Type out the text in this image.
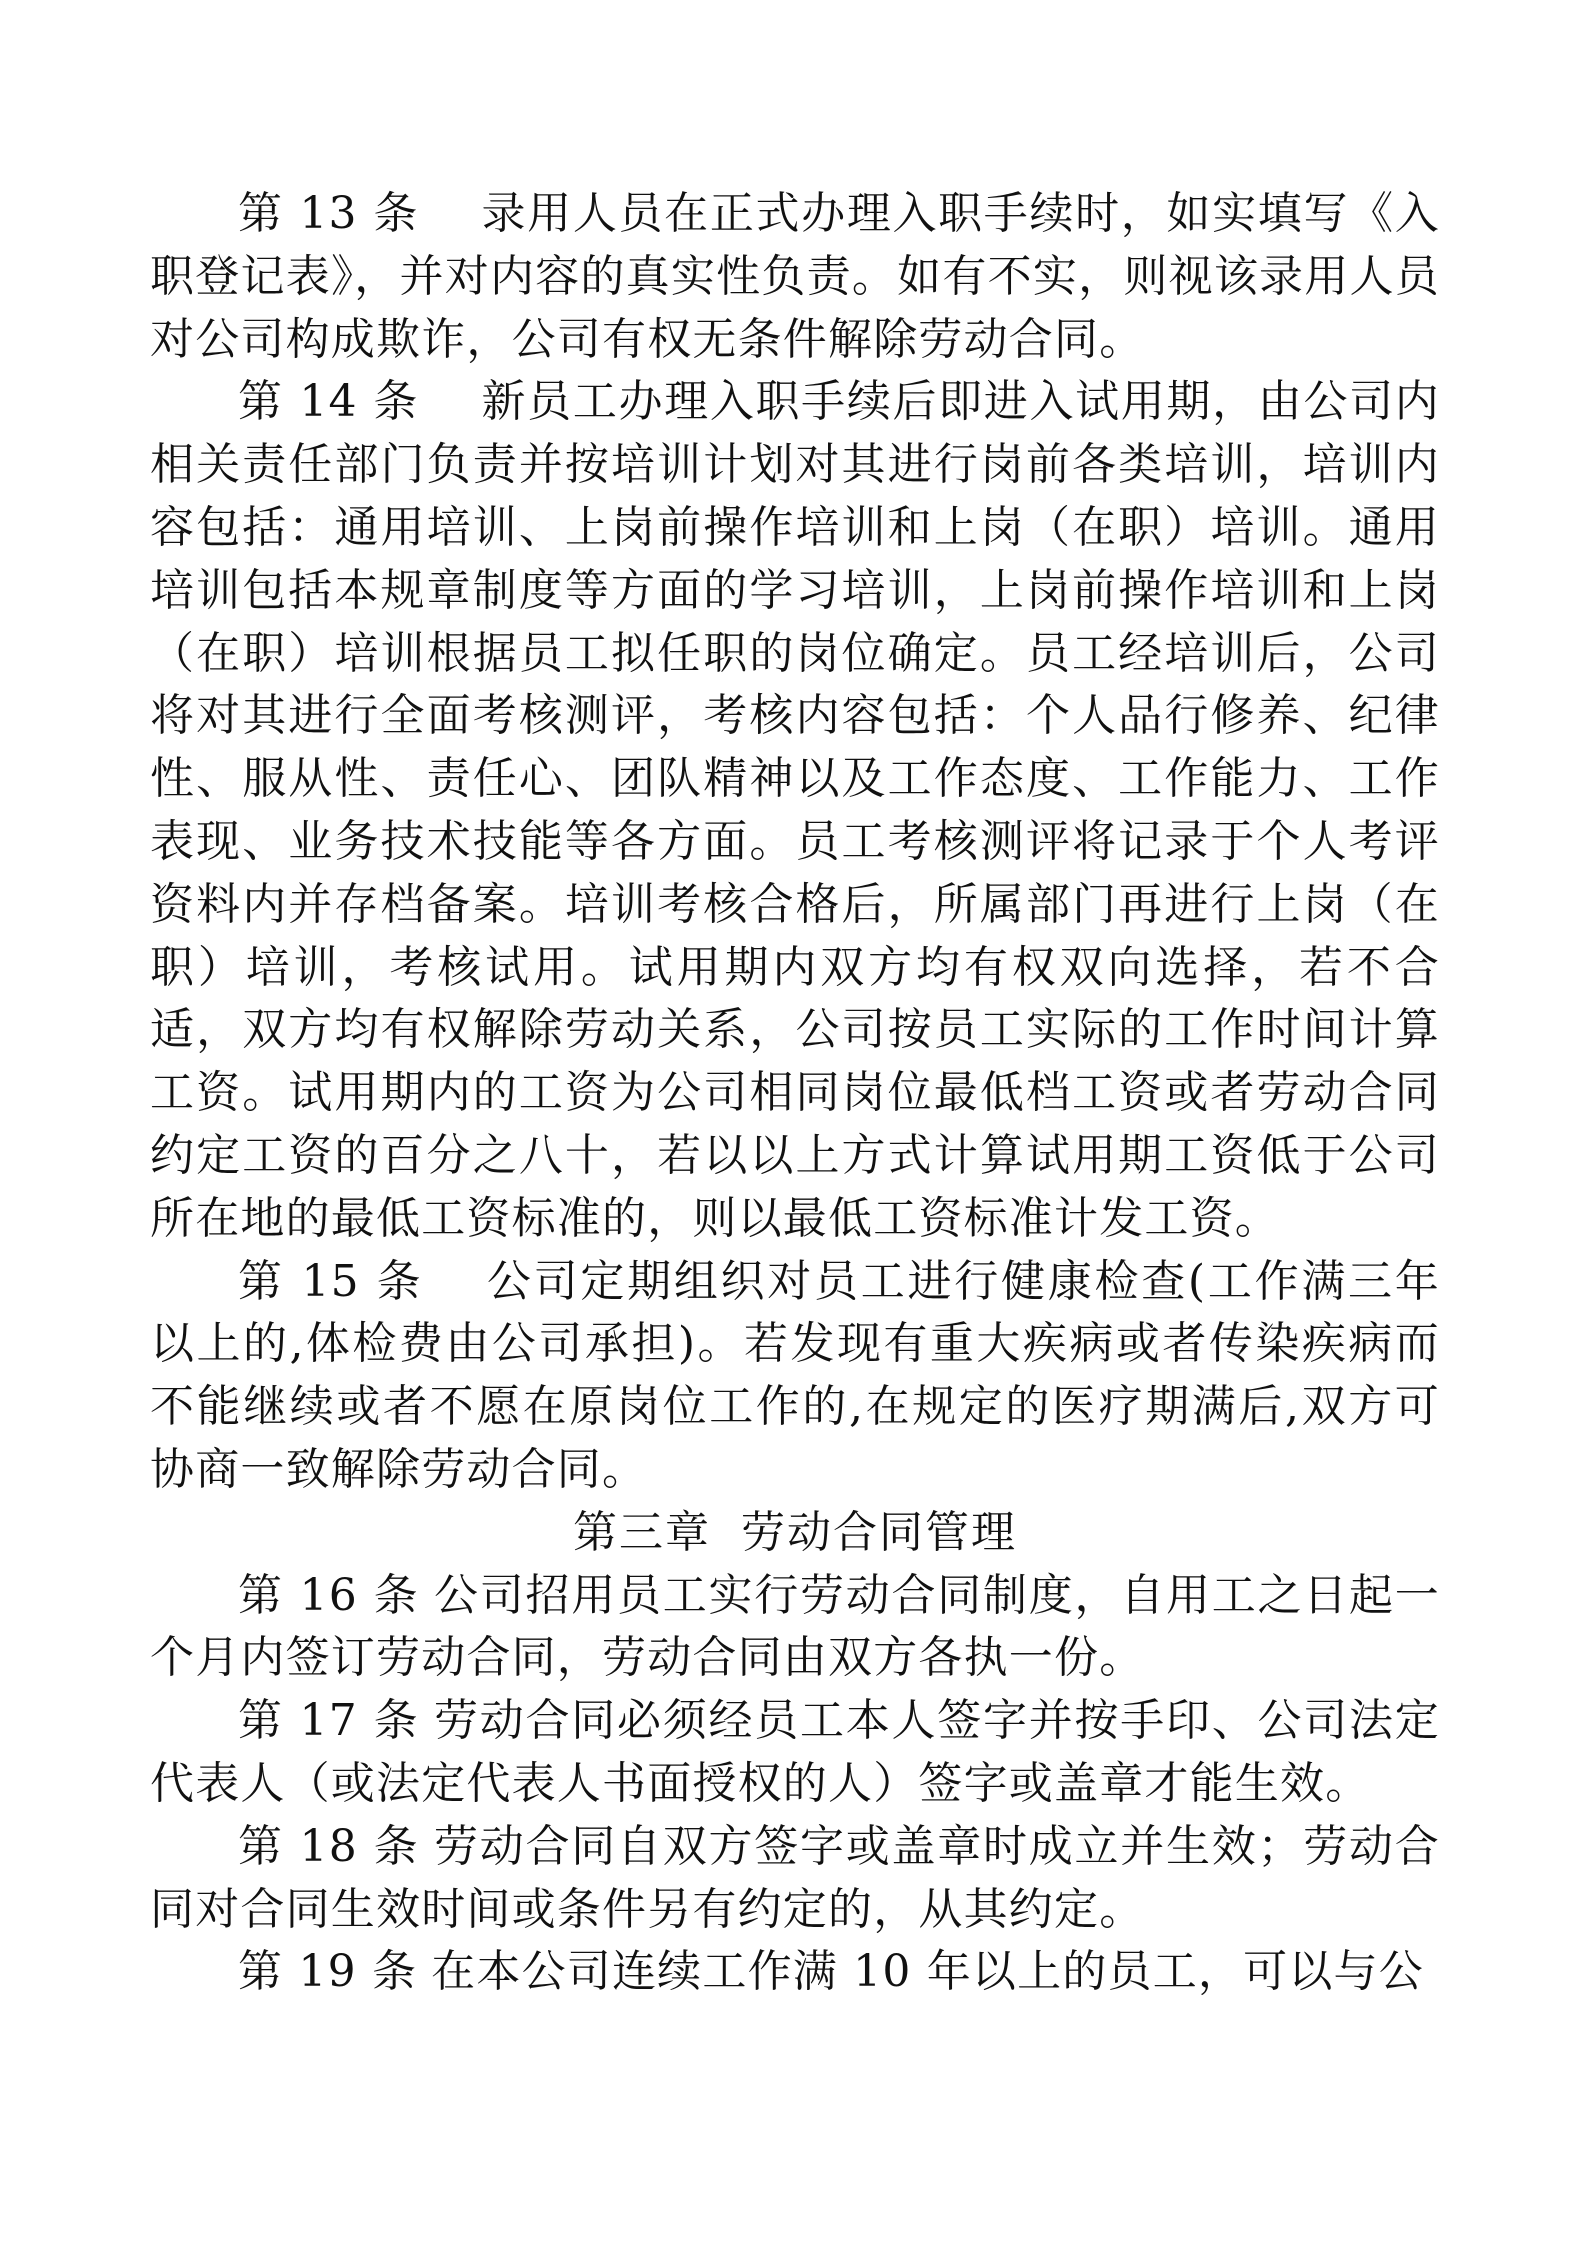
第 13 条 录用人员在正式办理入职手续时，如实填写《入职登记表》，并对内容的真实性负责。如有不实，则视该录用人员对公司构成欺诈，公司有权无条件解除劳动合同。

第 14 条 新员工办理入职手续后即进入试用期，由公司内相关责任部门负责并按培训计划对其进行岗前各类培训，培训内容包括：通用培训、上岗前操作培训和上岗（在职）培训。通用培训包括本规章制度等方面的学习培训，上岗前操作培训和上岗（在职）培训根据员工拟任职的岗位确定。员工经培训后，公司将对其进行全面考核测评，考核内容包括：个人品行修养、纪律性、服从性、责任心、团队精神以及工作态度、工作能力、工作表现、业务技术技能等各方面。员工考核测评将记录于个人考评资料内并存档备案。培训考核合格后，所属部门再进行上岗（在职）培训，考核试用。试用期内双方均有权双向选择，若不合适，双方均有权解除劳动关系，公司按员工实际的工作时间计算工资。试用期内的工资为公司相同岗位最低档工资或者劳动合同约定工资的百分之八十，若以以上方式计算试用期工资低于公司所在地的最低工资标准的，则以最低工资标准计发工资。

第 15 条 公司定期组织对员工进行健康检查(工作满三年以上的,体检费由公司承担)。若发现有重大疾病或者传染疾病而不能继续或者不愿在原岗位工作的,在规定的医疗期满后,双方可协商一致解除劳动合同。

第三章 劳动合同管理

第 16 条 公司招用员工实行劳动合同制度，自用工之日起一个月内签订劳动合同，劳动合同由双方各执一份。

第 17 条 劳动合同必须经员工本人签字并按手印、公司法定代表人（或法定代表人书面授权的人）签字或盖章才能生效。

第 18 条 劳动合同自双方签字或盖章时成立并生效；劳动合同对合同生效时间或条件另有约定的，从其约定。

第 19 条 在本公司连续工作满 10 年以上的员工，可以与公
